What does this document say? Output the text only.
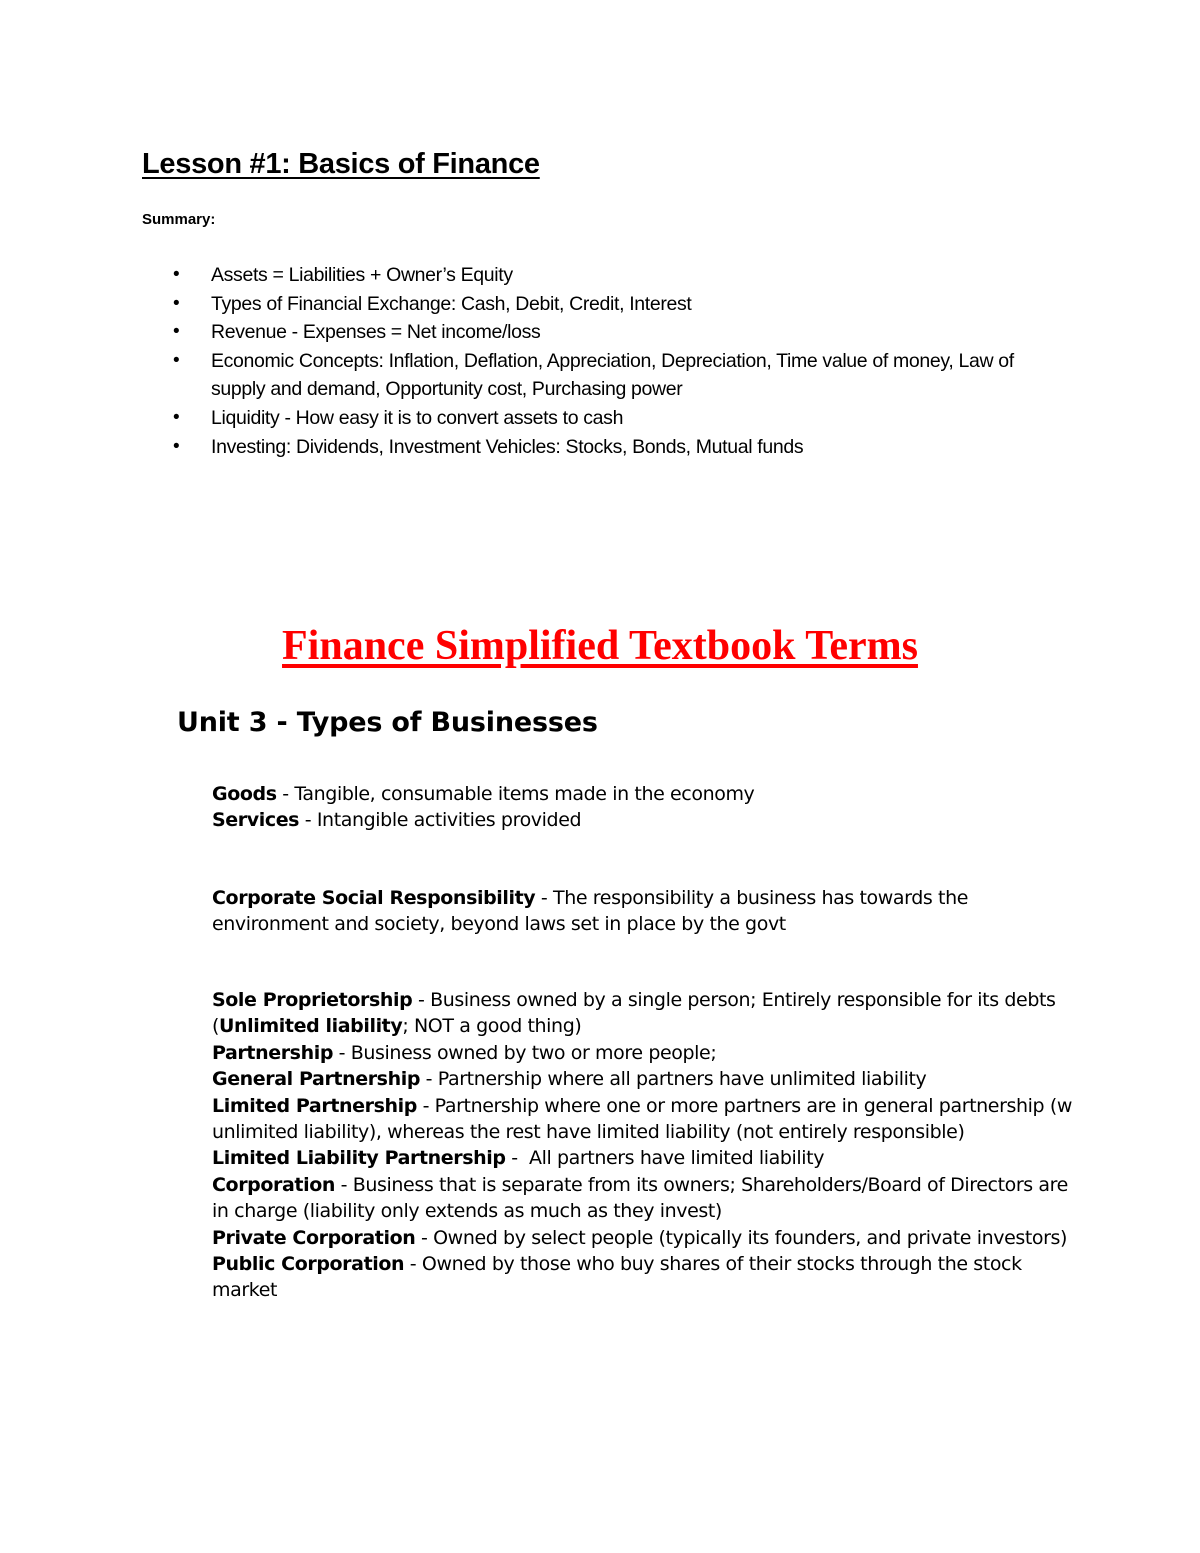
Lesson #1: Basics of Finance
Summary:
•
Assets = Liabilities + Owner’s Equity
•
Types of Financial Exchange: Cash, Debit, Credit, Interest
•
Revenue - Expenses = Net income/loss
•
Economic Concepts: Inflation, Deflation, Appreciation, Depreciation, Time value of money, Law of supply and demand, Opportunity cost, Purchasing power
•
Liquidity - How easy it is to convert assets to cash
•
Investing: Dividends, Investment Vehicles: Stocks, Bonds, Mutual funds
Finance Simplified Textbook Terms
Unit 3 - Types of Businesses

Goods - Tangible, consumable items made in the economy

Services - Intangible activities provided

Corporate Social Responsibility - The responsibility a business has towards the environment and society, beyond laws set in place by the govt

Sole Proprietorship - Business owned by a single person; Entirely responsible for its debts (Unlimited liability; NOT a good thing)

Partnership - Business owned by two or more people;

General Partnership - Partnership where all partners have unlimited liability

Limited Partnership - Partnership where one or more partners are in general partnership (w unlimited liability), whereas the rest have limited liability (not entirely responsible)

Limited Liability Partnership -  All partners have limited liability

Corporation - Business that is separate from its owners; Shareholders/Board of Directors are in charge (liability only extends as much as they invest)

Private Corporation - Owned by select people (typically its founders, and private investors)

Public Corporation - Owned by those who buy shares of their stocks through the stock market
